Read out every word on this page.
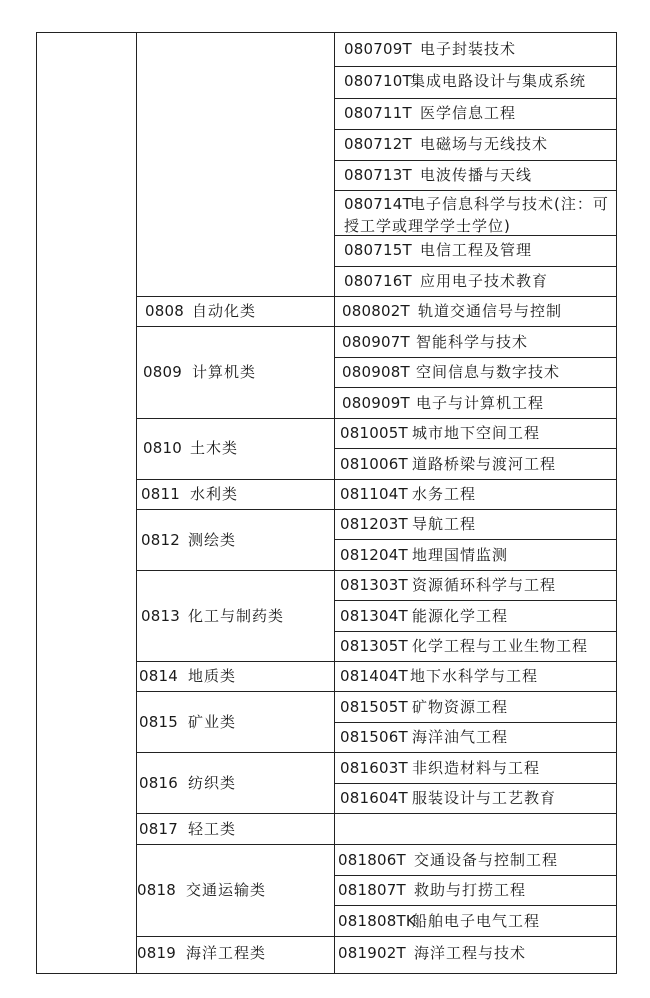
080709T 电子封装技术
080710T
集成电路设计与集成系统
080711T 医学信息工程
080712T 电磁场与无线技术
080713T 电波传播与天线
080714T
电子信息科学与技术(注：可授工学或理学学士学位)
080715T 电信工程及管理
080716T 应用电子技术教育
080802T 轨道交通信号与控制
080907T 智能科学与技术
080908T 空间信息与数字技术
080909T 电子与计算机工程
081005T 城市地下空间工程
081006T 道路桥梁与渡河工程
081104T 水务工程
081203T 导航工程
081204T 地理国情监测
081303T 资源循环科学与工程
081304T 能源化学工程
081305T 化学工程与工业生物工程
081404T 地下水科学与工程
081505T 矿物资源工程
081506T 海洋油气工程
081603T 非织造材料与工程
081604T 服装设计与工艺教育
081806T 交通设备与控制工程
081807T 救助与打捞工程
081808TK
船舶电子电气工程
081902T 海洋工程与技术
0808 自动化类
0809 计算机类
0810 土木类
0811 水利类
0812 测绘类
0813 化工与制药类
0814 地质类
0815 矿业类
0816 纺织类
0817 轻工类
0818 交通运输类
0819 海洋工程类
